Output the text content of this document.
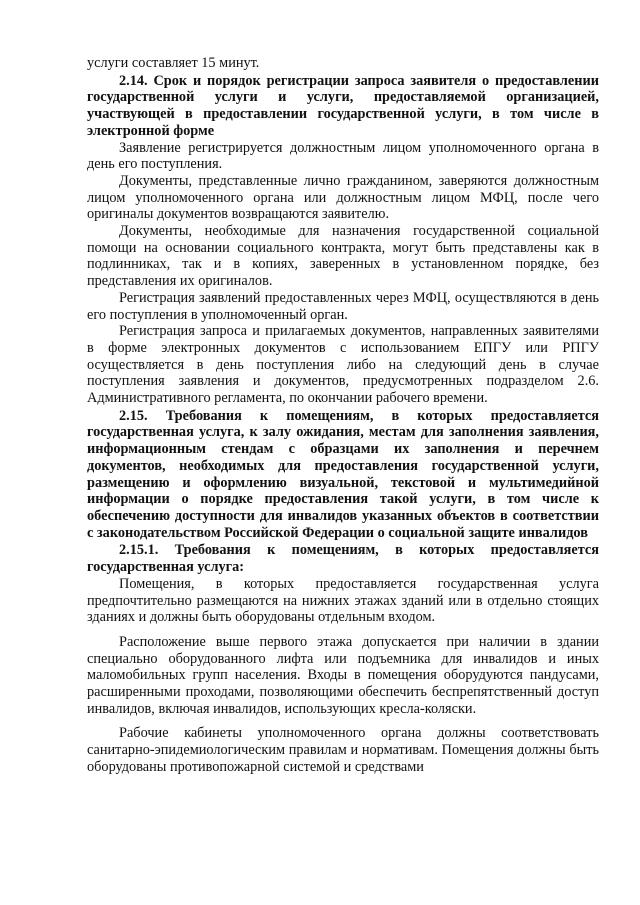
услуги составляет 15 минут.

2.14. Срок и порядок регистрации запроса заявителя о предоставлении государственной услуги и услуги, предоставляемой организацией, участвующей в предоставлении государственной услуги, в том числе в электронной форме

Заявление регистрируется должностным лицом уполномоченного органа в день его поступления.

Документы, представленные лично гражданином, заверяются должностным лицом уполномоченного органа или должностным лицом МФЦ, после чего оригиналы документов возвращаются заявителю.

Документы, необходимые для назначения государственной социальной помощи на основании социального контракта, могут быть представлены как в подлинниках, так и в копиях, заверенных в установленном порядке, без представления их оригиналов.

Регистрация заявлений предоставленных через МФЦ, осуществляются в день его поступления в уполномоченный орган.

Регистрация запроса и прилагаемых документов, направленных заявителями в форме электронных документов с использованием ЕПГУ или РПГУ осуществляется в день поступления либо на следующий день в случае поступления заявления и документов, предусмотренных подразделом 2.6. Административного регламента, по окончании рабочего времени.

2.15. Требования к помещениям, в которых предоставляется государственная услуга, к залу ожидания, местам для заполнения заявления, информационным стендам с образцами их заполнения и перечнем документов, необходимых для предоставления государственной услуги, размещению и оформлению визуальной, текстовой и мультимедийной информации о порядке предоставления такой услуги, в том числе к обеспечению доступности для инвалидов указанных объектов в соответствии с законодательством Российской Федерации о социальной защите инвалидов

2.15.1. Требования к помещениям, в которых предоставляется государственная услуга:

Помещения, в которых предоставляется государственная услуга предпочтительно размещаются на нижних этажах зданий или в отдельно стоящих зданиях и должны быть оборудованы отдельным входом.

Расположение выше первого этажа допускается при наличии в здании специально оборудованного лифта или подъемника для инвалидов и иных маломобильных групп населения. Входы в помещения оборудуются пандусами, расширенными проходами, позволяющими обеспечить беспрепятственный доступ инвалидов, включая инвалидов, использующих кресла-коляски.

Рабочие кабинеты уполномоченного органа должны соответствовать санитарно-эпидемиологическим правилам и нормативам. Помещения должны быть оборудованы противопожарной системой и средствами
